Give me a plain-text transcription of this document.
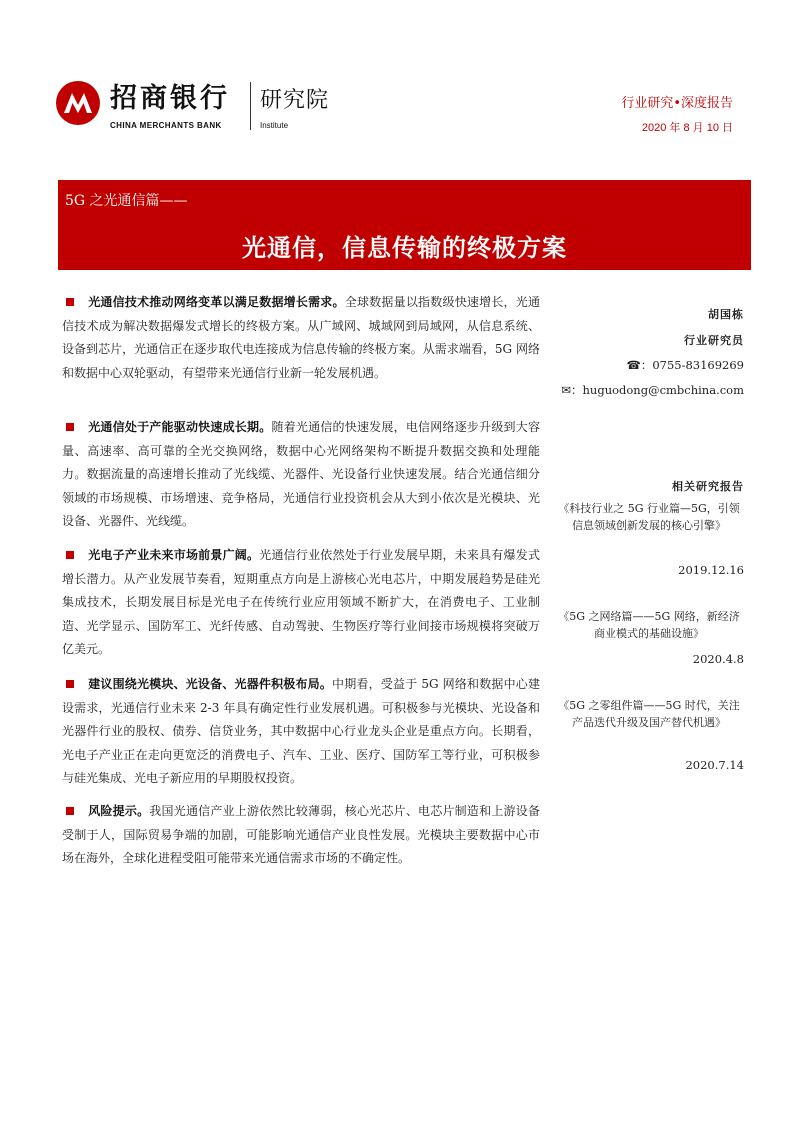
招商银行
CHINA MERCHANTS BANK
研究院
Institute
行业研究•深度报告
2020 年 8 月 10 日
5G 之光通信篇——
光通信，信息传输的终极方案
光通信技术推动网络变革以满足数据增长需求。全球数据量以指数级快速增长，光通信技术成为解决数据爆发式增长的终极方案。从广域网、城域网到局域网，从信息系统、设备到芯片，光通信正在逐步取代电连接成为信息传输的终极方案。从需求端看，5G 网络和数据中心双轮驱动，有望带来光通信行业新一轮发展机遇。
光通信处于产能驱动快速成长期。随着光通信的快速发展，电信网络逐步升级到大容量、高速率、高可靠的全光交换网络，数据中心光网络架构不断提升数据交换和处理能力。数据流量的高速增长推动了光线缆、光器件、光设备行业快速发展。结合光通信细分领域的市场规模、市场增速、竞争格局，光通信行业投资机会从大到小依次是光模块、光设备、光器件、光线缆。
光电子产业未来市场前景广阔。光通信行业依然处于行业发展早期，未来具有爆发式增长潜力。从产业发展节奏看，短期重点方向是上游核心光电芯片，中期发展趋势是硅光集成技术，长期发展目标是光电子在传统行业应用领域不断扩大，在消费电子、工业制造、光学显示、国防军工、光纤传感、自动驾驶、生物医疗等行业间接市场规模将突破万亿美元。
建议围绕光模块、光设备、光器件积极布局。中期看，受益于 5G 网络和数据中心建设需求，光通信行业未来 2-3 年具有确定性行业发展机遇。可积极参与光模块、光设备和光器件行业的股权、债券、信贷业务，其中数据中心行业龙头企业是重点方向。长期看，光电子产业正在走向更宽泛的消费电子、汽车、工业、医疗、国防军工等行业，可积极参与硅光集成、光电子新应用的早期股权投资。
风险提示。我国光通信产业上游依然比较薄弱，核心光芯片、电芯片制造和上游设备受制于人，国际贸易争端的加剧，可能影响光通信产业良性发展。光模块主要数据中心市场在海外，全球化进程受阻可能带来光通信需求市场的不确定性。
胡国栋
行业研究员
☎：0755-83169269
✉：huguodong@cmbchina.com
相关研究报告
《科技行业之 5G 行业篇—5G，引领信息领域创新发展的核心引擎》
2019.12.16
《5G 之网络篇——5G 网络，新经济商业模式的基础设施》
2020.4.8
《5G 之零组件篇——5G 时代，关注产品迭代升级及国产替代机遇》
2020.7.14
